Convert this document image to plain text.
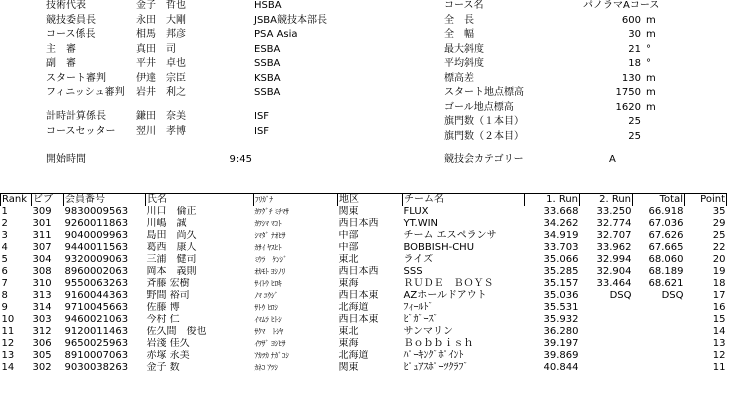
技術代表	金子　哲也	HSBA
競技委員長	永田　大剛	JSBA競技本部長
コース係長	相馬　邦彦	PSA Asia
主　審	真田　司	ESBA
副　審	平井　卓也	SSBA
スタート審判	伊達　宗臣	KSBA
フィニッシュ審判 岩井　利之	SSBA
計時計算係長	鎌田　奈美	ISF
コースセッター 翌川　孝博	ISF
開始時間	9:45
コース名	パノラマAコース
全　長	600 m
全　幅	30 m
最大斜度	21 °
平均斜度	18 °
標高差	130 m
スタート地点標高	1750 m
ゴール地点標高	1620 m
旗門数（１本目）	25
旗門数（２本目）	25
競技会カテゴリー	A
Rank	ビブ	会員番号	氏名	ﾌﾘｶﾞﾅ	地区	チーム名	1. Run	2. Run	Total	Point
1	309	9830009563	川口　倫正	ｶﾜｸﾞﾁ ﾐﾁﾏｻ	関東	FLUX	33.668	33.250	66.918	35
2	301	9260011863	川嶋　誠	ｶﾜｼﾏ ﾏｺﾄ	西日本西	YT.WIN	34.262	32.774	67.036	29
3	311	9040009963	島田　尚久	ｼﾏﾀﾞ ﾅｵﾋｻ	中部	チーム エスペランサ	34.919	32.707	67.626	25
4	307	9440011563	葛西　康人	ｶｻｲ ﾔｽﾋﾄ	中部	BOBBISH-CHU	33.703	33.962	67.665	22
5	304	9320009063	三浦　健司	ﾐｳﾗ　ｹﾝｼﾞ	東北	ライズ	35.066	32.994	68.060	20
6	308	8960002063	岡本　義則	ｵｶﾓﾄ ﾖｼﾉﾘ	西日本西	SSS	35.285	32.904	68.189	19
7	310	9550063263	斉藤 宏樹	ｻｲﾄｳ ﾋﾛｷ	東海	ＲＵＤＥ　ＢＯＹＳ	35.157	33.464	68.621	18
8	313	9160044363	野間 裕司	ﾉﾏ ﾕｳｼﾞ	西日本東	AZホールドアウト	35.036	DSQ	DSQ	17
9	314	9710045663	佐藤 博	ｻﾄｳ ﾋﾛｼ	北海道	ﾌｨｰﾙﾄﾞ	35.531			16
10	303	9460021063	今村 仁	ｲﾏﾑﾗ ﾋﾄｼ	西日本東	ﾋﾞｶﾞｰｽﾞ	35.932			15
11	312	9120011463	佐久間　俊也	ｻｸﾏ　ﾄｼﾔ	東北	サンマリン	36.280			14
12	306	9650025963	岩淺 佳久	ｲﾜｻﾞ ﾖｼﾋｻ	東海	Ｂｏｂｂｉｓｈ	39.197			13
13	305	8910007063	赤塚 永美	ｱｶﾂｶ ﾅｶﾞｺｼ	北海道	ﾊﾟｰｷﾝｸﾞﾎﾟｲﾝﾄ	39.869			12
14	302	9030038263	金子 数	ｶﾈｺ ｱﾂｼ	関東	ﾋﾟｭｱｽﾎﾟｰﾂｸﾗﾌﾞ	40.844			11
